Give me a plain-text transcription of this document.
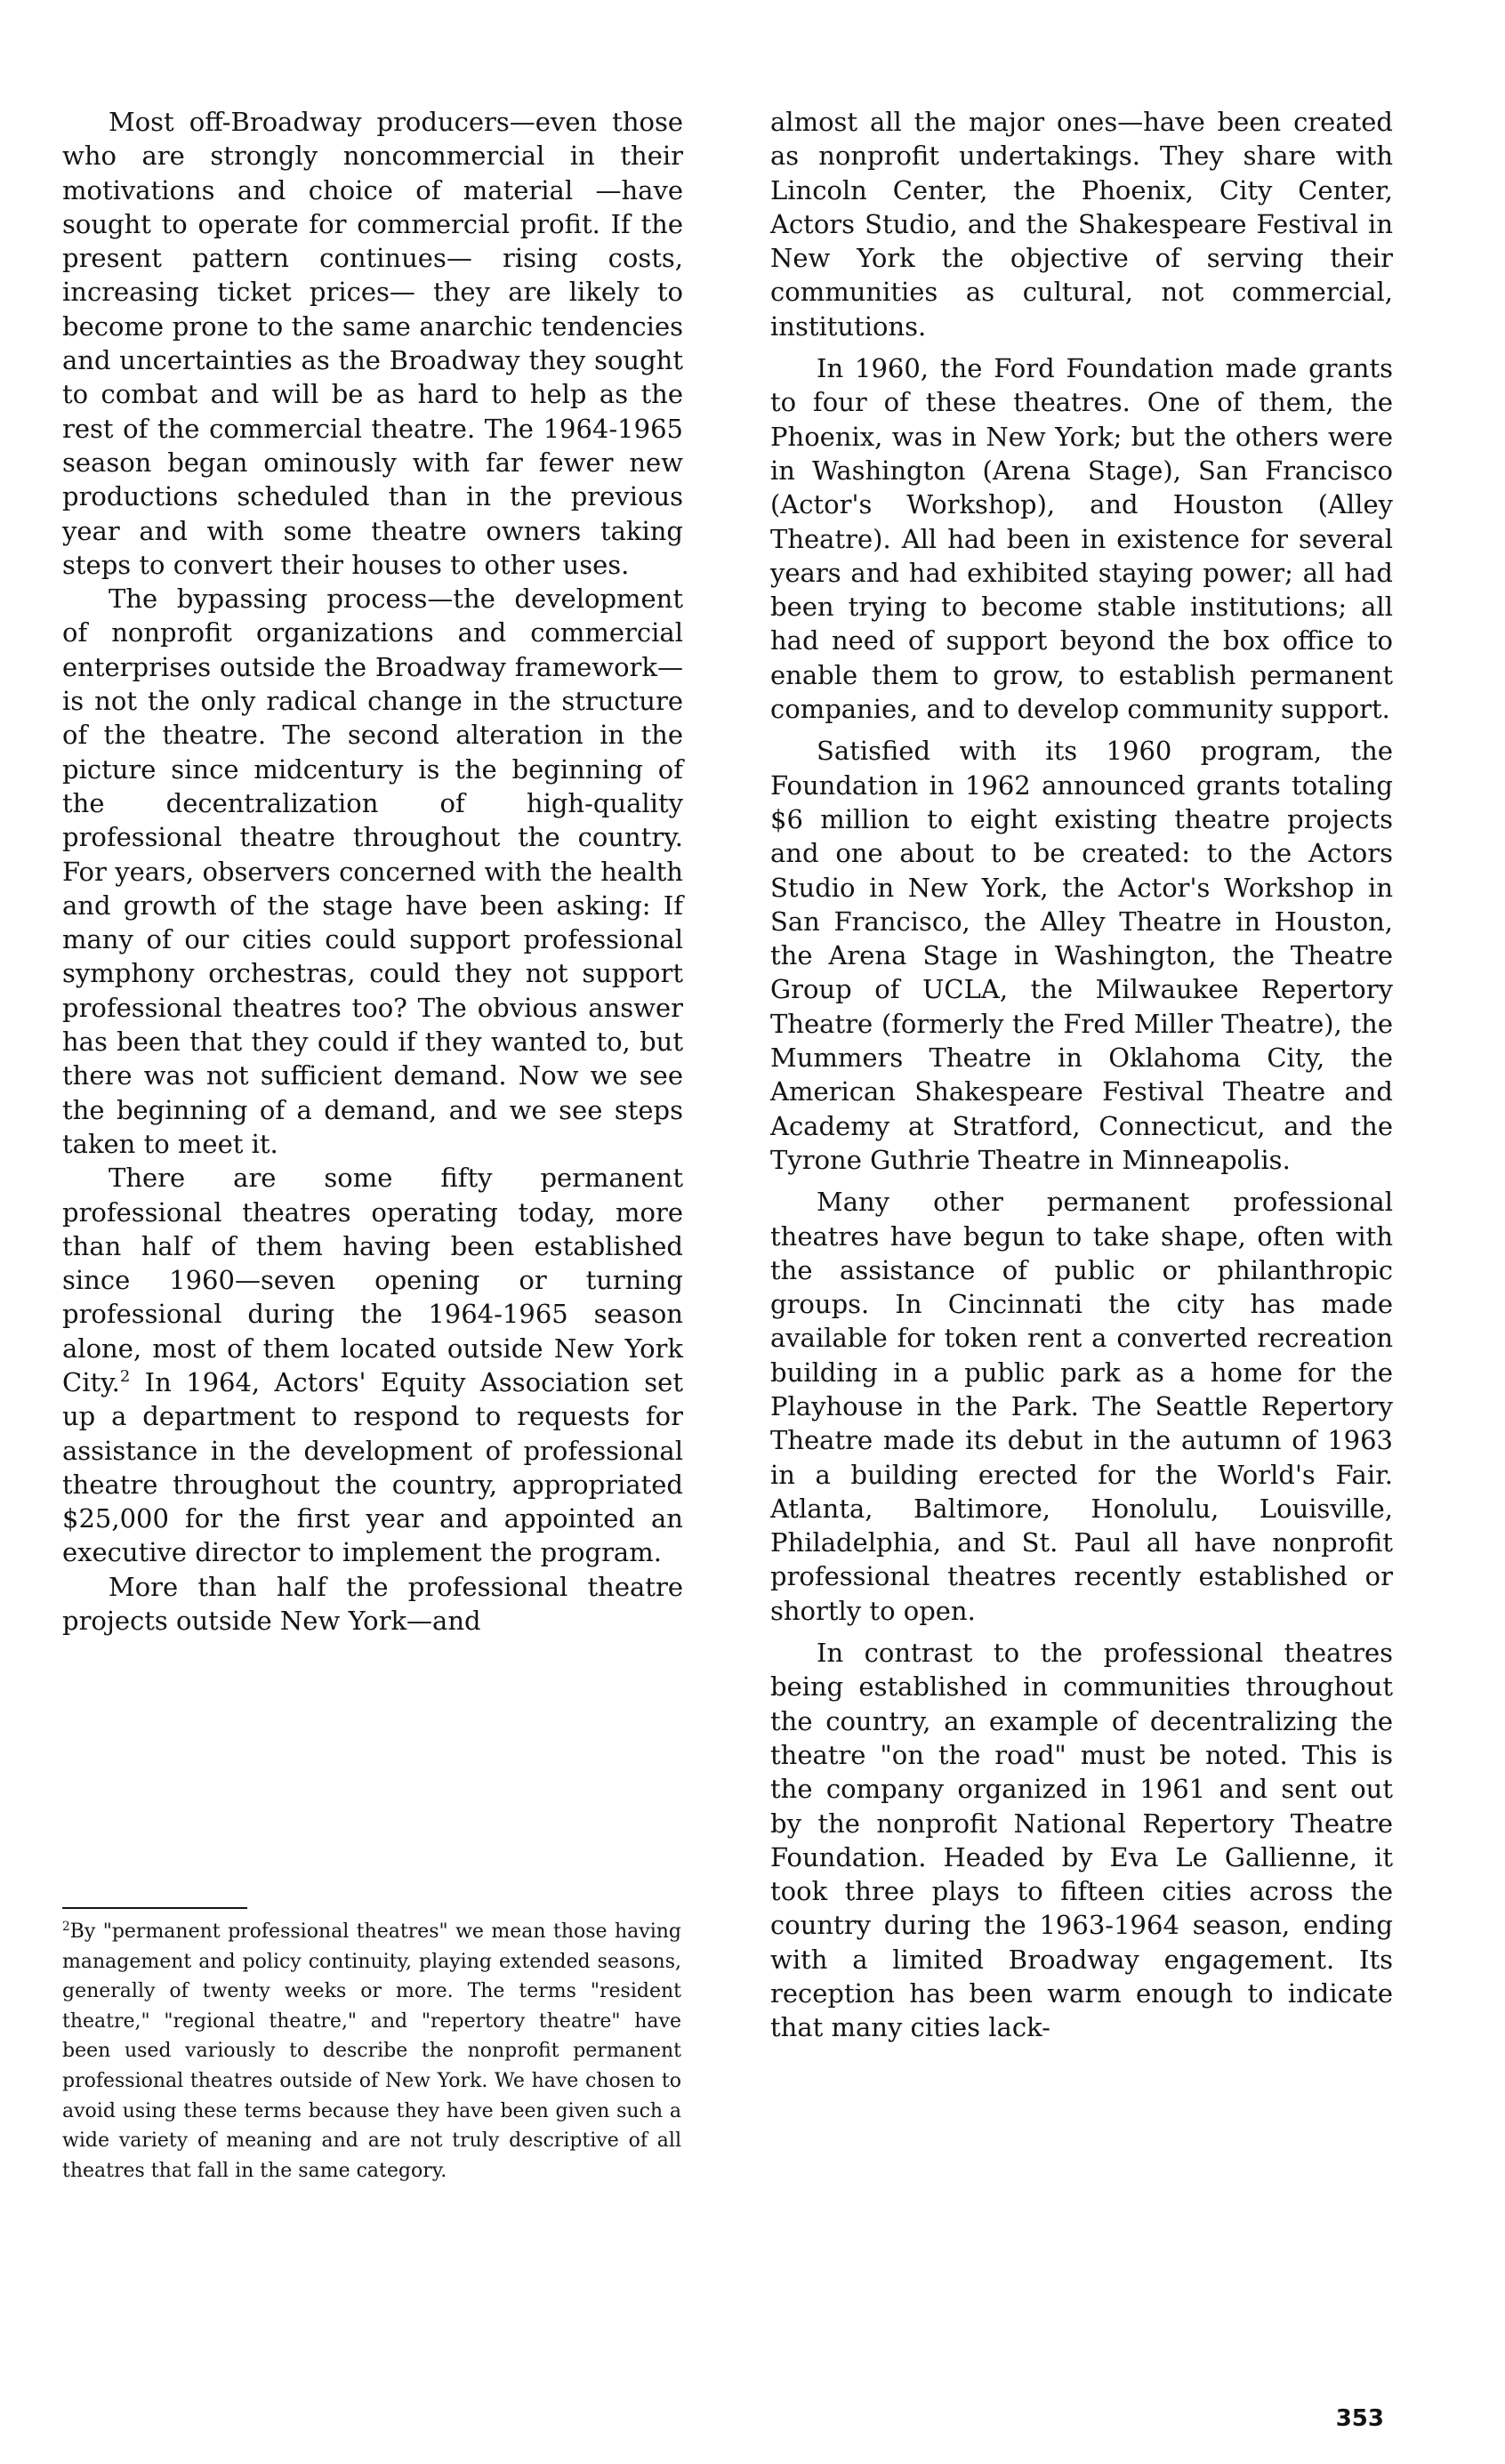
Most off-Broadway producers—even those who are strongly noncommercial in their motivations and choice of material —have sought to operate for commercial profit. If the present pattern continues— rising costs, increasing ticket prices— they are likely to become prone to the same anarchic tendencies and uncertainties as the Broadway they sought to combat and will be as hard to help as the rest of the commercial theatre. The 1964-1965 season began ominously with far fewer new productions scheduled than in the previous year and with some theatre owners taking steps to convert their houses to other uses.

The bypassing process—the development of nonprofit organizations and commercial enterprises outside the Broadway framework—is not the only radical change in the structure of the theatre. The second alteration in the picture since midcentury is the beginning of the decentralization of high-quality professional theatre throughout the country. For years, observers concerned with the health and growth of the stage have been asking: If many of our cities could support professional symphony orchestras, could they not support professional theatres too? The obvious answer has been that they could if they wanted to, but there was not sufficient demand. Now we see the beginning of a demand, and we see steps taken to meet it.

There are some fifty permanent professional theatres operating today, more than half of them having been established since 1960—seven opening or turning professional during the 1964-1965 season alone, most of them located outside New York City.$^2$ In 1964, Actors' Equity Association set up a department to respond to requests for assistance in the development of professional theatre throughout the country, appropriated $25,000 for the first year and appointed an executive director to implement the program.

More than half the professional theatre projects outside New York—and

$^2$By "permanent professional theatres" we mean those having management and policy continuity, playing extended seasons, generally of twenty weeks or more. The terms "resident theatre," "regional theatre," and "repertory theatre" have been used variously to describe the nonprofit permanent professional theatres outside of New York. We have chosen to avoid using these terms because they have been given such a wide variety of meaning and are not truly descriptive of all theatres that fall in the same category.

almost all the major ones—have been created as nonprofit undertakings. They share with Lincoln Center, the Phoenix, City Center, Actors Studio, and the Shakespeare Festival in New York the objective of serving their communities as cultural, not commercial, institutions.

In 1960, the Ford Foundation made grants to four of these theatres. One of them, the Phoenix, was in New York; but the others were in Washington (Arena Stage), San Francisco (Actor's Workshop), and Houston (Alley Theatre). All had been in existence for several years and had exhibited staying power; all had been trying to become stable institutions; all had need of support beyond the box office to enable them to grow, to establish permanent companies, and to develop community support.

Satisfied with its 1960 program, the Foundation in 1962 announced grants totaling $6 million to eight existing theatre projects and one about to be created: to the Actors Studio in New York, the Actor's Workshop in San Francisco, the Alley Theatre in Houston, the Arena Stage in Washington, the Theatre Group of UCLA, the Milwaukee Repertory Theatre (formerly the Fred Miller Theatre), the Mummers Theatre in Oklahoma City, the American Shakespeare Festival Theatre and Academy at Stratford, Connecticut, and the Tyrone Guthrie Theatre in Minneapolis.

Many other permanent professional theatres have begun to take shape, often with the assistance of public or philanthropic groups. In Cincinnati the city has made available for token rent a converted recreation building in a public park as a home for the Playhouse in the Park. The Seattle Repertory Theatre made its debut in the autumn of 1963 in a building erected for the World's Fair. Atlanta, Baltimore, Honolulu, Louisville, Philadelphia, and St. Paul all have nonprofit professional theatres recently established or shortly to open.

In contrast to the professional theatres being established in communities throughout the country, an example of decentralizing the theatre "on the road" must be noted. This is the company organized in 1961 and sent out by the nonprofit National Repertory Theatre Foundation. Headed by Eva Le Gallienne, it took three plays to fifteen cities across the country during the 1963-1964 season, ending with a limited Broadway engagement. Its reception has been warm enough to indicate that many cities lack-

353
